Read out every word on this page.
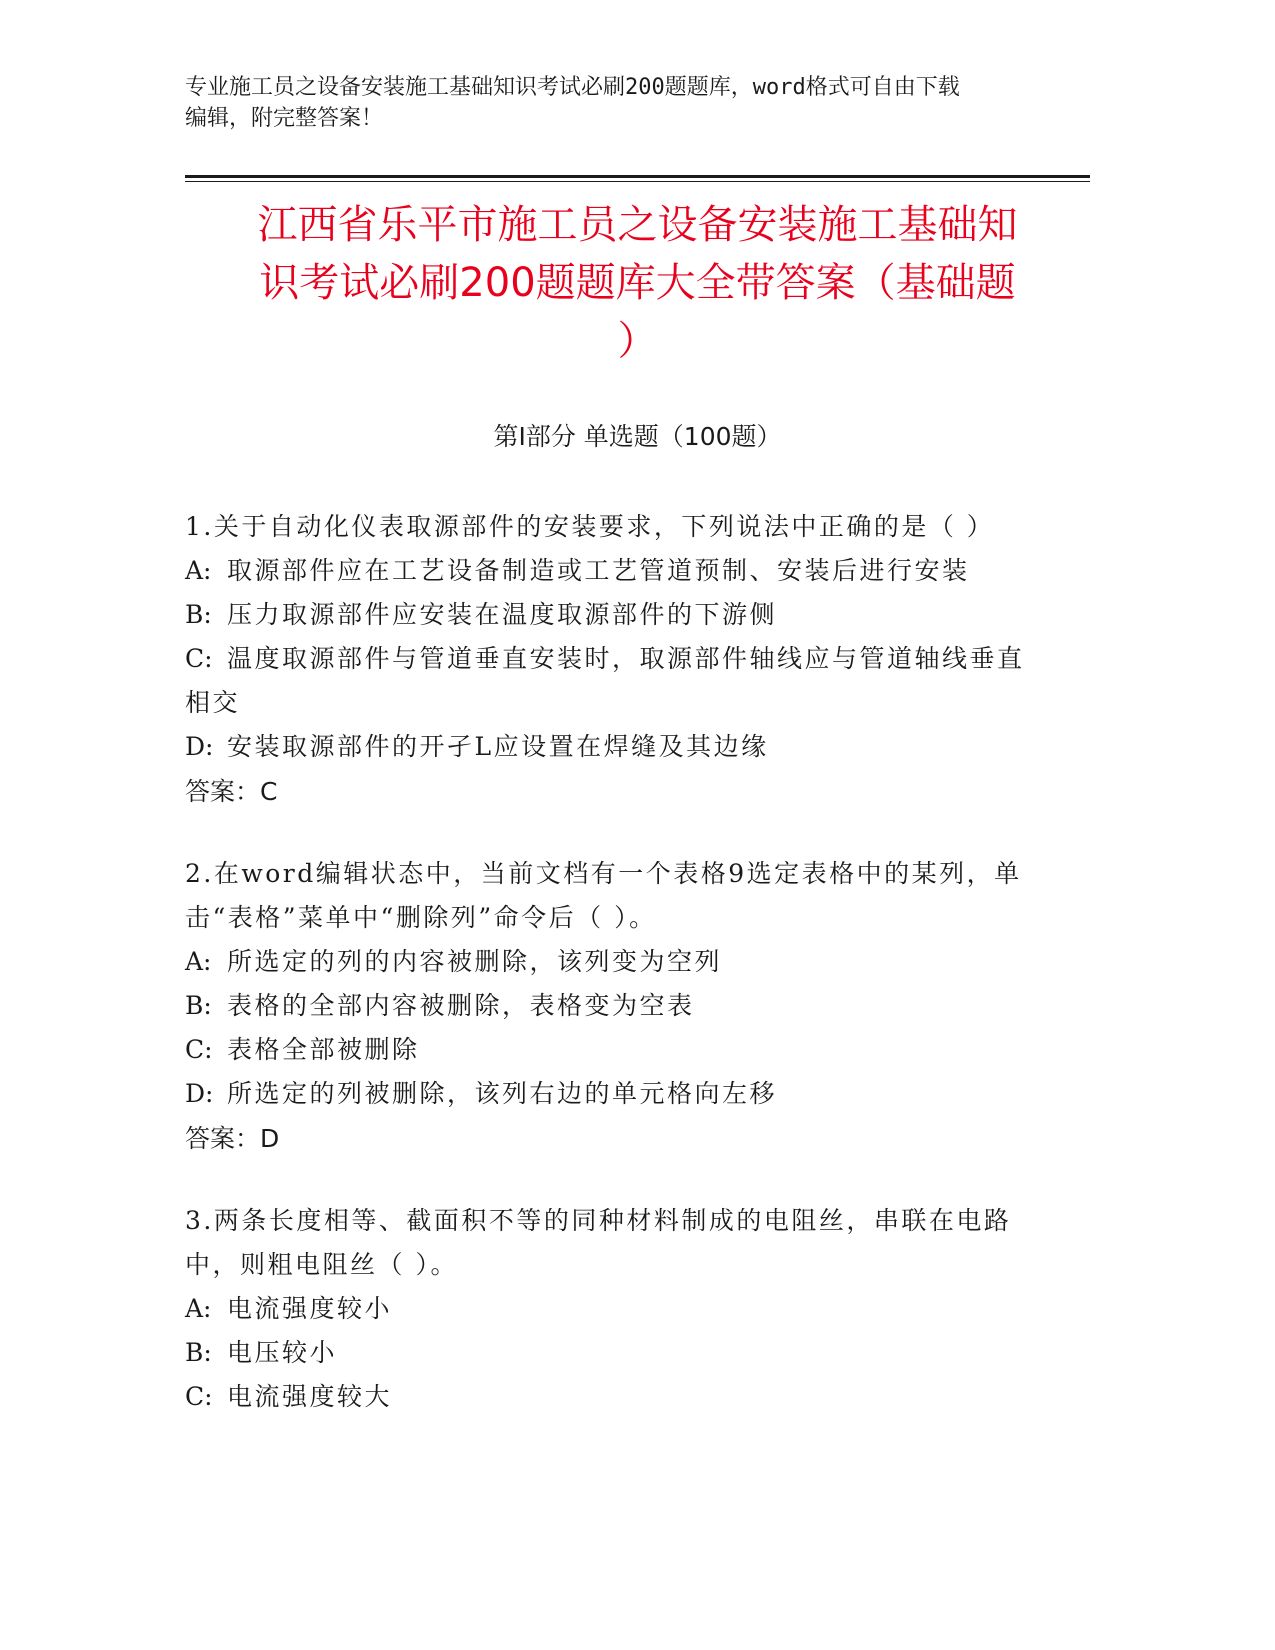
专业施工员之设备安装施工基础知识考试必刷200题题库，word格式可自由下载
编辑，附完整答案！
江西省乐平市施工员之设备安装施工基础知
识考试必刷200题题库大全带答案（基础题
）
第Ⅰ部分 单选题（100题）

1.关于自动化仪表取源部件的安装要求，下列说法中正确的是（ ）

A: 取源部件应在工艺设备制造或工艺管道预制、安装后进行安装

B: 压力取源部件应安装在温度取源部件的下游侧

C: 温度取源部件与管道垂直安装时，取源部件轴线应与管道轴线垂直

相交

D: 安装取源部件的开孑L应设置在焊缝及其边缘

答案：C

2.在word编辑状态中，当前文档有一个表格9选定表格中的某列，单

击“表格”菜单中“删除列”命令后（ ）。

A: 所选定的列的内容被删除，该列变为空列

B: 表格的全部内容被删除，表格变为空表

C: 表格全部被删除

D: 所选定的列被删除，该列右边的单元格向左移

答案：D

3.两条长度相等、截面积不等的同种材料制成的电阻丝，串联在电路

中，则粗电阻丝（ ）。

A: 电流强度较小

B: 电压较小

C: 电流强度较大
